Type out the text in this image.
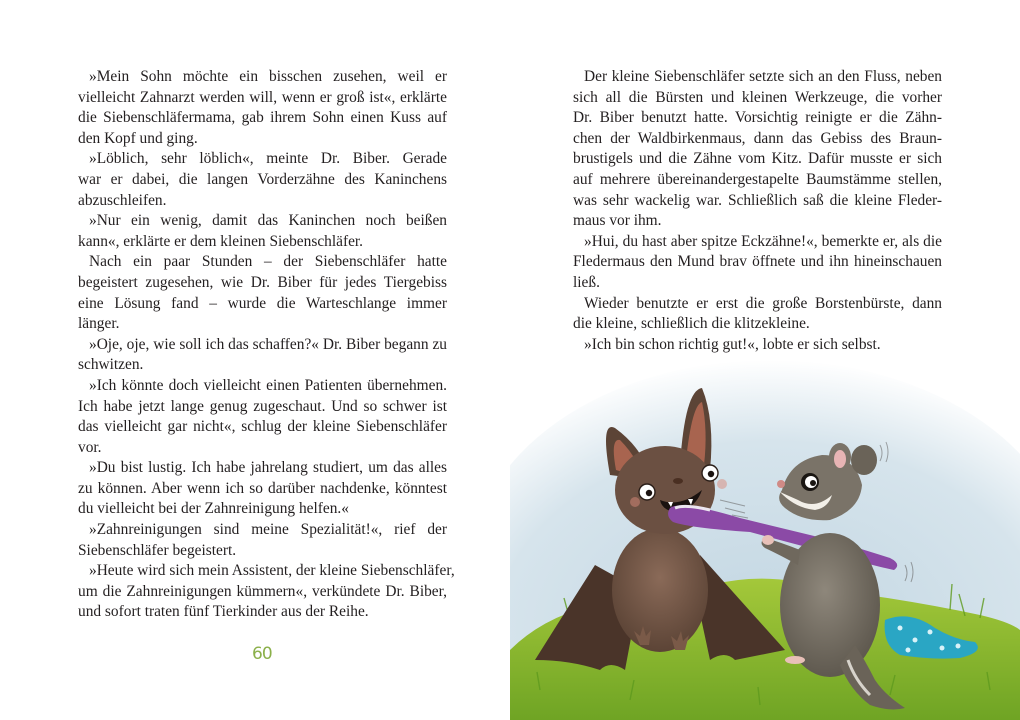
»Mein Sohn möchte ein bisschen zusehen, weil er
vielleicht Zahnarzt werden will, wenn er groß ist«, erklärte
die Siebenschläfermama, gab ihrem Sohn einen Kuss auf
den Kopf und ging.

»Löblich, sehr löblich«, meinte Dr. Biber. Gerade
war er dabei, die langen Vorderzähne des Kaninchens
abzuschleifen.

»Nur ein wenig, damit das Kaninchen noch beißen
kann«, erklärte er dem kleinen Siebenschläfer.

Nach ein paar Stunden – der Siebenschläfer hatte
begeistert zugesehen, wie Dr. Biber für jedes Tiergebiss
eine Lösung fand – wurde die Warteschlange immer
länger.

»Oje, oje, wie soll ich das schaffen?« Dr. Biber begann zu
schwitzen.

»Ich könnte doch vielleicht einen Patienten übernehmen.
Ich habe jetzt lange genug zugeschaut. Und so schwer ist
das vielleicht gar nicht«, schlug der kleine Siebenschläfer
vor.

»Du bist lustig. Ich habe jahrelang studiert, um das alles
zu können. Aber wenn ich so darüber nachdenke, könntest
du vielleicht bei der Zahnreinigung helfen.«

»Zahnreinigungen sind meine Spezialität!«, rief der
Siebenschläfer begeistert.

»Heute wird sich mein Assistent, der kleine Siebenschläfer,
um die Zahnreinigungen kümmern«, verkündete Dr. Biber,
und sofort traten fünf Tierkinder aus der Reihe.

60

Der kleine Siebenschläfer setzte sich an den Fluss, neben
sich all die Bürsten und kleinen Werkzeuge, die vorher
Dr. Biber benutzt hatte. Vorsichtig reinigte er die Zähn-
chen der Waldbirkenmaus, dann das Gebiss des Braun-
brustigels und die Zähne vom Kitz. Dafür musste er sich
auf mehrere übereinandergestapelte Baumstämme stellen,
was sehr wackelig war. Schließlich saß die kleine Fleder-
maus vor ihm.

»Hui, du hast aber spitze Eckzähne!«, bemerkte er, als die
Fledermaus den Mund brav öffnete und ihn hineinschauen
ließ.

Wieder benutzte er erst die große Borstenbürste, dann
die kleine, schließlich die klitzekleine.

»Ich bin schon richtig gut!«, lobte er sich selbst.
